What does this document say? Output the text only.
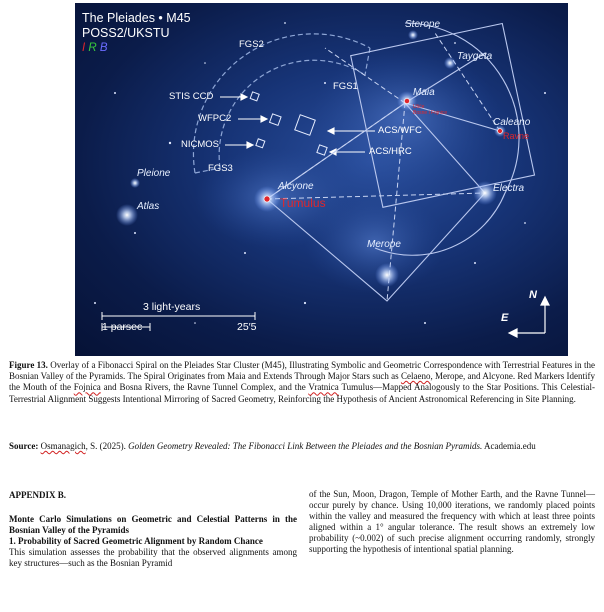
The Pleiades • M45
POSS2/UKSTU
I R B	FGS2
FGS1
FGS3
STIS CCD
WFPC2
NICMOS
ACS/WFC
ACS/HRC
Sterope
Taygeta
Maia
Caleano
Pleione
Atlas
Alcyone	Electra
Merope
Tumulus
Ravne
Ušće
Bosne i Fojnice
3 light-years
1 parsec	25′5
N
E
Figure 13. Overlay of a Fibonacci Spiral on the Pleiades Star Cluster (M45), Illustrating Symbolic and Geometric Correspondence with Terrestrial Features in the Bosnian Valley of the Pyramids. The Spiral Originates from Maia and Extends Through Major Stars such as Celaeno, Merope, and Alcyone. Red Markers Identify the Mouth of the Fojnica and Bosna Rivers, the Ravne Tunnel Complex, and the Vratnica Tumulus—Mapped Analogously to the Star Positions. This Celestial-Terrestrial Alignment Suggests Intentional Mirroring of Sacred Geometry, Reinforcing the Hypothesis of Ancient Astronomical Referencing in Site Planning.
Source: Osmanagich, S. (2025). Golden Geometry Revealed: The Fibonacci Link Between the Pleiades and the Bosnian Pyramids. Academia.edu
APPENDIX B.
Monte Carlo Simulations on Geometric and Celestial Patterns in the Bosnian Valley of the Pyramids
1. Probability of Sacred Geometric Alignment by Random Chance
This simulation assesses the probability that the observed alignments among key structures—such as the Bosnian Pyramid
of the Sun, Moon, Dragon, Temple of Mother Earth, and the Ravne Tunnel—occur purely by chance. Using 10,000 iterations, we randomly placed points within the valley and measured the frequency with which at least three points aligned within a 1° angular tolerance. The result shows an extremely low probability (~0.002) of such precise alignment occurring randomly, strongly supporting the hypothesis of intentional spatial planning.
